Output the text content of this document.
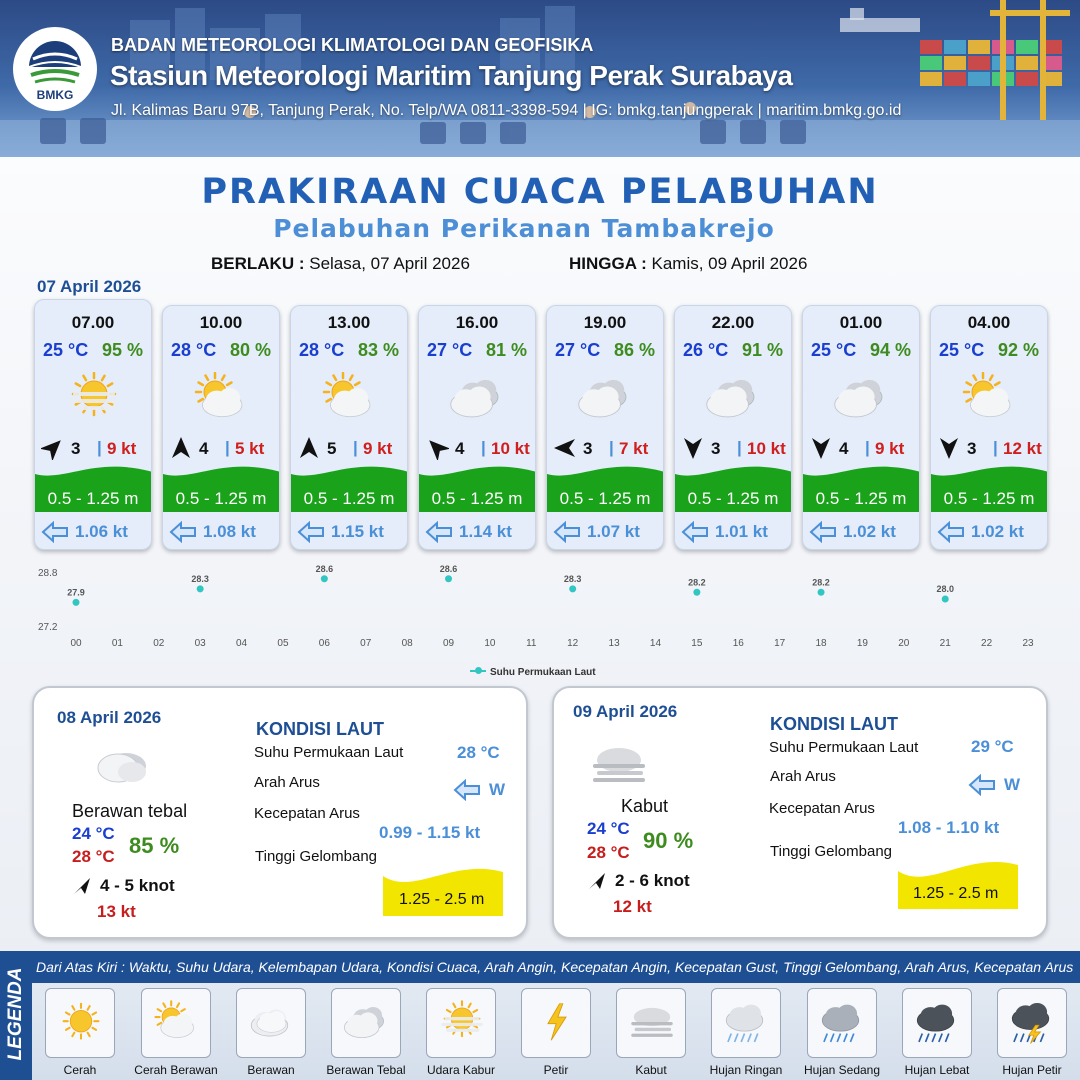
BMKG
BADAN METEOROLOGI KLIMATOLOGI DAN GEOFISIKA
Stasiun Meteorologi Maritim Tanjung Perak Surabaya
Jl. Kalimas Baru 97B, Tanjung Perak, No. Telp/WA 0811-3398-594 | IG: bmkg.tanjungperak | maritim.bmkg.go.id
PRAKIRAAN CUACA PELABUHAN
Pelabuhan Perikanan Tambakrejo
BERLAKU : Selasa, 07 April 2026	HINGGA : Kamis, 09 April 2026
07 April 2026
07.00
25 °C 95 %
3 | 9 kt
0.5 - 1.25 m
1.06 kt
10.00
28 °C 80 %
4 | 5 kt
0.5 - 1.25 m
1.08 kt
13.00
28 °C 83 %
5 | 9 kt
0.5 - 1.25 m
1.15 kt
16.00
27 °C 81 %
4 | 10 kt
0.5 - 1.25 m
1.14 kt
19.00
27 °C 86 %
3 | 7 kt
0.5 - 1.25 m
1.07 kt
22.00
26 °C 91 %
3 | 10 kt
0.5 - 1.25 m
1.01 kt
01.00
25 °C 94 %
4 | 9 kt
0.5 - 1.25 m
1.02 kt
04.00
25 °C 92 %
3 | 12 kt
0.5 - 1.25 m
1.02 kt
28.8
27.2
00	01	02	03	04	05	06	07	08	09	10	11	12	13	14	15	16	17	18	19	20	21	22	23
27.9
28.3
28.6	28.6
28.3	28.2	28.2
28.0
Suhu Permukaan Laut
08 April 2026
Berawan tebal
24 °C
28 °C 85 %
4 - 5 knot
13 kt
KONDISI LAUT
Suhu Permukaan Laut	28 °C
Arah Arus	W
Kecepatan Arus
0.99 - 1.15 kt
Tinggi Gelombang
1.25 - 2.5 m
09 April 2026
Kabut
24 °C
28 °C 90 %
2 - 6 knot
12 kt
KONDISI LAUT
Suhu Permukaan Laut	29 °C
Arah Arus	W
Kecepatan Arus
1.08 - 1.10 kt
Tinggi Gelombang
1.25 - 2.5 m
LEGENDA
Dari Atas Kiri : Waktu, Suhu Udara, Kelembapan Udara, Kondisi Cuaca, Arah Angin, Kecepatan Angin, Kecepatan Gust, Tinggi Gelombang, Arah Arus, Kecepatan Arus
Cerah	Cerah Berawan	Berawan	Berawan Tebal	Udara Kabur	Petir	Kabut	Hujan Ringan	Hujan Sedang	Hujan Lebat	Hujan Petir
